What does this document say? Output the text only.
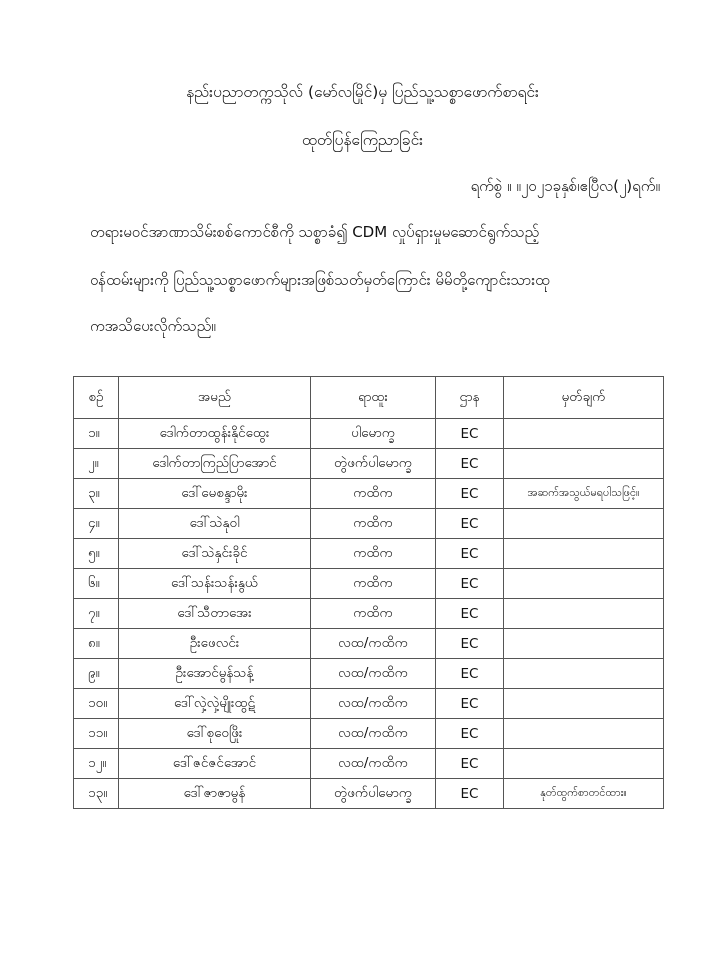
နည်းပညာတက္ကသိုလ် (မော်လမြိုင်)မှ ပြည်သူ့သစ္စာဖောက်စာရင်း
ထုတ်ပြန်ကြေညာခြင်း
ရက်စွဲ ။ ။၂၀၂၁ခုနှစ်၊ဧပြီလ(၂)ရက်။
တရားမဝင်အာဏာသိမ်းစစ်ကောင်စီကို သစ္စာခံ၍ CDM လှုပ်ရှားမှုမဆောင်ရွက်သည့်
ဝန်ထမ်းများကို ပြည်သူ့သစ္စာဖောက်များအဖြစ်သတ်မှတ်ကြောင်း မိမိတို့ကျောင်းသားထု
ကအသိပေးလိုက်သည်။
စဉ်	အမည်	ရာထူး	ဌာန	မှတ်ချက်
၁။	ဒေါက်တာထွန်းနိုင်ထွေး	ပါမောက္ခ	EC	
၂။	ဒေါက်တာကြည်ပြာအောင်	တွဲဖက်ပါမောက္ခ	EC	
၃။	ဒေါ်မေစန္ဒာမိုး	ကထိက	EC	အဆက်အသွယ်မရပါသဖြင့်။
၄။	ဒေါ်သဲနုဝါ	ကထိက	EC	
၅။	ဒေါ်သဲနှင်းခိုင်	ကထိက	EC	
၆။	ဒေါ်သန်းသန်းနွယ်	ကထိက	EC	
၇။	ဒေါ်သီတာအေး	ကထိက	EC	
၈။	ဦးဖေလင်း	လထ/ကထိက	EC	
၉။	ဦးအောင်မွန်သန့်	လထ/ကထိက	EC	
၁၀။	ဒေါ်လှဲ့လှဲ့မျိုးထွဋ်	လထ/ကထိက	EC	
၁၁။	ဒေါ်စုဝေဖြိုး	လထ/ကထိက	EC	
၁၂။	ဒေါ်ဇင်ဇင်အောင်	လထ/ကထိက	EC	
၁၃။	ဒေါ်ဇာဇာမွန်	တွဲဖက်ပါမောက္ခ	EC	နုတ်ထွက်စာတင်ထား။
